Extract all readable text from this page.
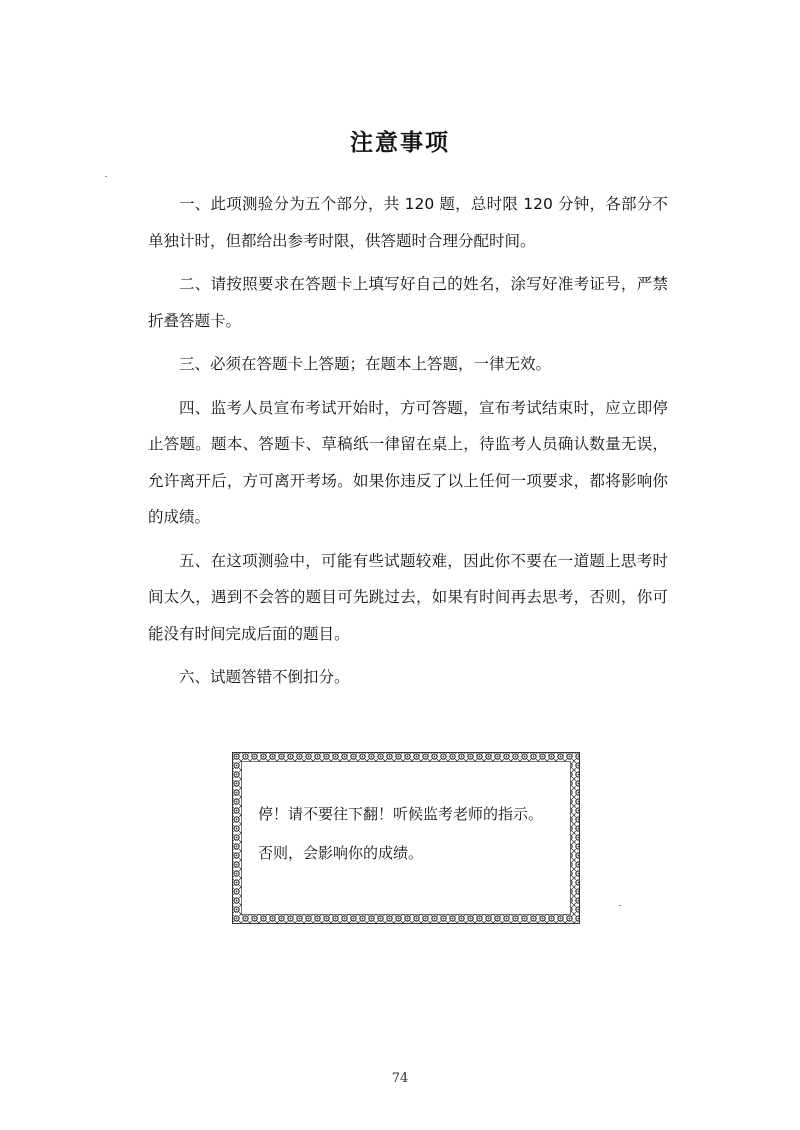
注意事项

一、此项测验分为五个部分，共 120 题，总时限 120 分钟，各部分不单独计时，但都给出参考时限，供答题时合理分配时间。

二、请按照要求在答题卡上填写好自己的姓名，涂写好准考证号，严禁折叠答题卡。

三、必须在答题卡上答题；在题本上答题，一律无效。

四、监考人员宣布考试开始时，方可答题，宣布考试结束时，应立即停止答题。题本、答题卡、草稿纸一律留在桌上，待监考人员确认数量无误，允许离开后，方可离开考场。如果你违反了以上任何一项要求，都将影响你的成绩。

五、在这项测验中，可能有些试题较难，因此你不要在一道题上思考时间太久，遇到不会答的题目可先跳过去，如果有时间再去思考，否则，你可能没有时间完成后面的题目。

六、试题答错不倒扣分。

停！请不要往下翻！听候监考老师的指示。
否则，会影响你的成绩。
74
